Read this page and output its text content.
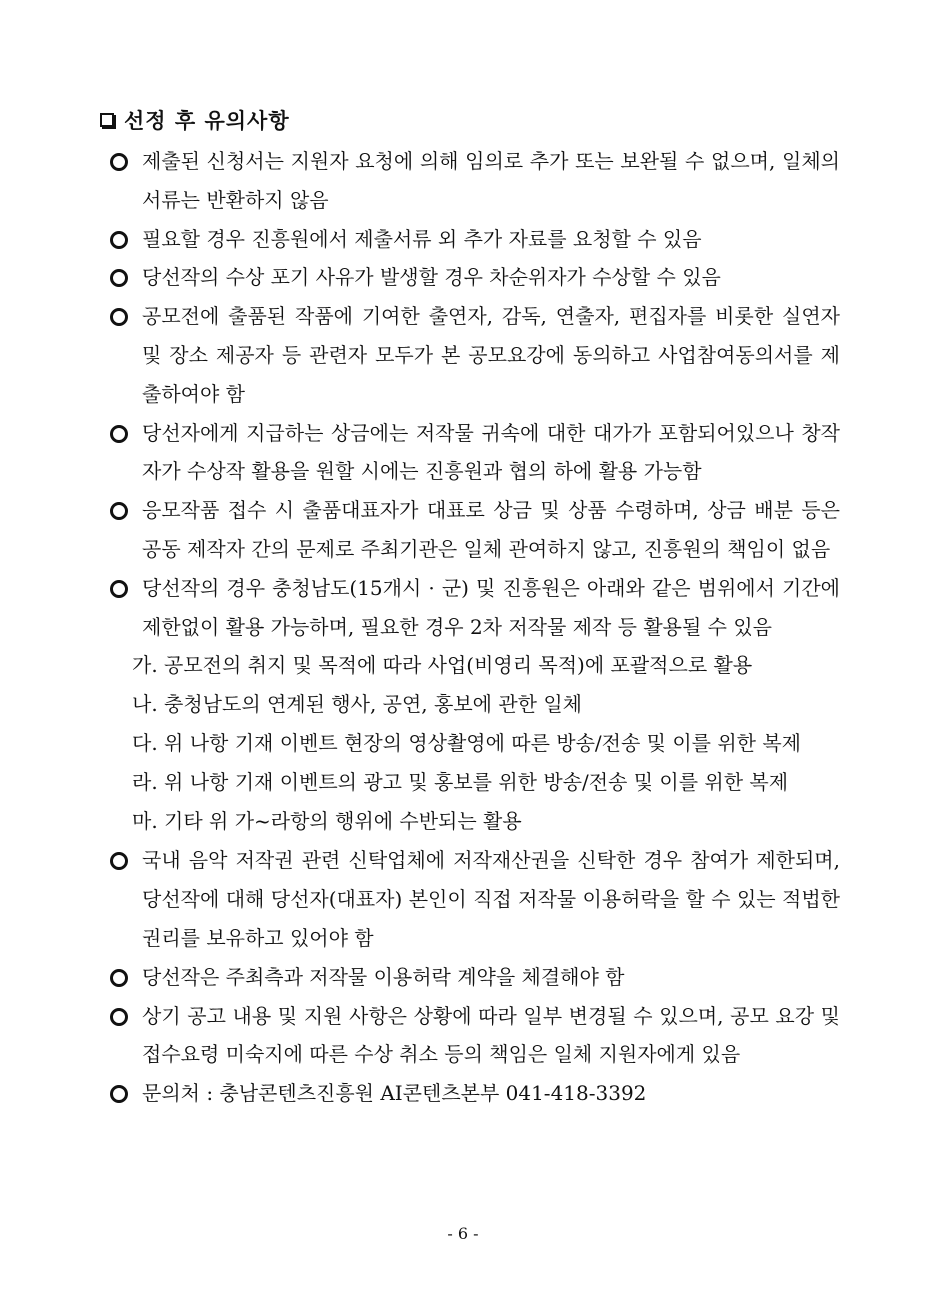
선정 후 유의사항
제출된 신청서는 지원자 요청에 의해 임의로 추가 또는 보완될 수 없으며, 일체의 서류는 반환하지 않음
필요할 경우 진흥원에서 제출서류 외 추가 자료를 요청할 수 있음
당선작의 수상 포기 사유가 발생할 경우 차순위자가 수상할 수 있음
공모전에 출품된 작품에 기여한 출연자, 감독, 연출자, 편집자를 비롯한 실연자 및 장소 제공자 등 관련자 모두가 본 공모요강에 동의하고 사업참여동의서를 제출하여야 함
당선자에게 지급하는 상금에는 저작물 귀속에 대한 대가가 포함되어있으나 창작자가 수상작 활용을 원할 시에는 진흥원과 협의 하에 활용 가능함
응모작품 접수 시 출품대표자가 대표로 상금 및 상품 수령하며, 상금 배분 등은 공동 제작자 간의 문제로 주최기관은 일체 관여하지 않고, 진흥원의 책임이 없음
당선작의 경우 충청남도(15개시 · 군) 및 진흥원은 아래와 같은 범위에서 기간에 제한없이 활용 가능하며, 필요한 경우 2차 저작물 제작 등 활용될 수 있음
가. 공모전의 취지 및 목적에 따라 사업(비영리 목적)에 포괄적으로 활용
나. 충청남도의 연계된 행사, 공연, 홍보에 관한 일체
다. 위 나항 기재 이벤트 현장의 영상촬영에 따른 방송/전송 및 이를 위한 복제
라. 위 나항 기재 이벤트의 광고 및 홍보를 위한 방송/전송 및 이를 위한 복제
마. 기타 위 가~라항의 행위에 수반되는 활용
국내 음악 저작권 관련 신탁업체에 저작재산권을 신탁한 경우 참여가 제한되며, 당선작에 대해 당선자(대표자) 본인이 직접 저작물 이용허락을 할 수 있는 적법한 권리를 보유하고 있어야 함
당선작은 주최측과 저작물 이용허락 계약을 체결해야 함
상기 공고 내용 및 지원 사항은 상황에 따라 일부 변경될 수 있으며, 공모 요강 및 접수요령 미숙지에 따른 수상 취소 등의 책임은 일체 지원자에게 있음
문의처 : 충남콘텐츠진흥원 AI콘텐츠본부 041-418-3392
- 6 -
